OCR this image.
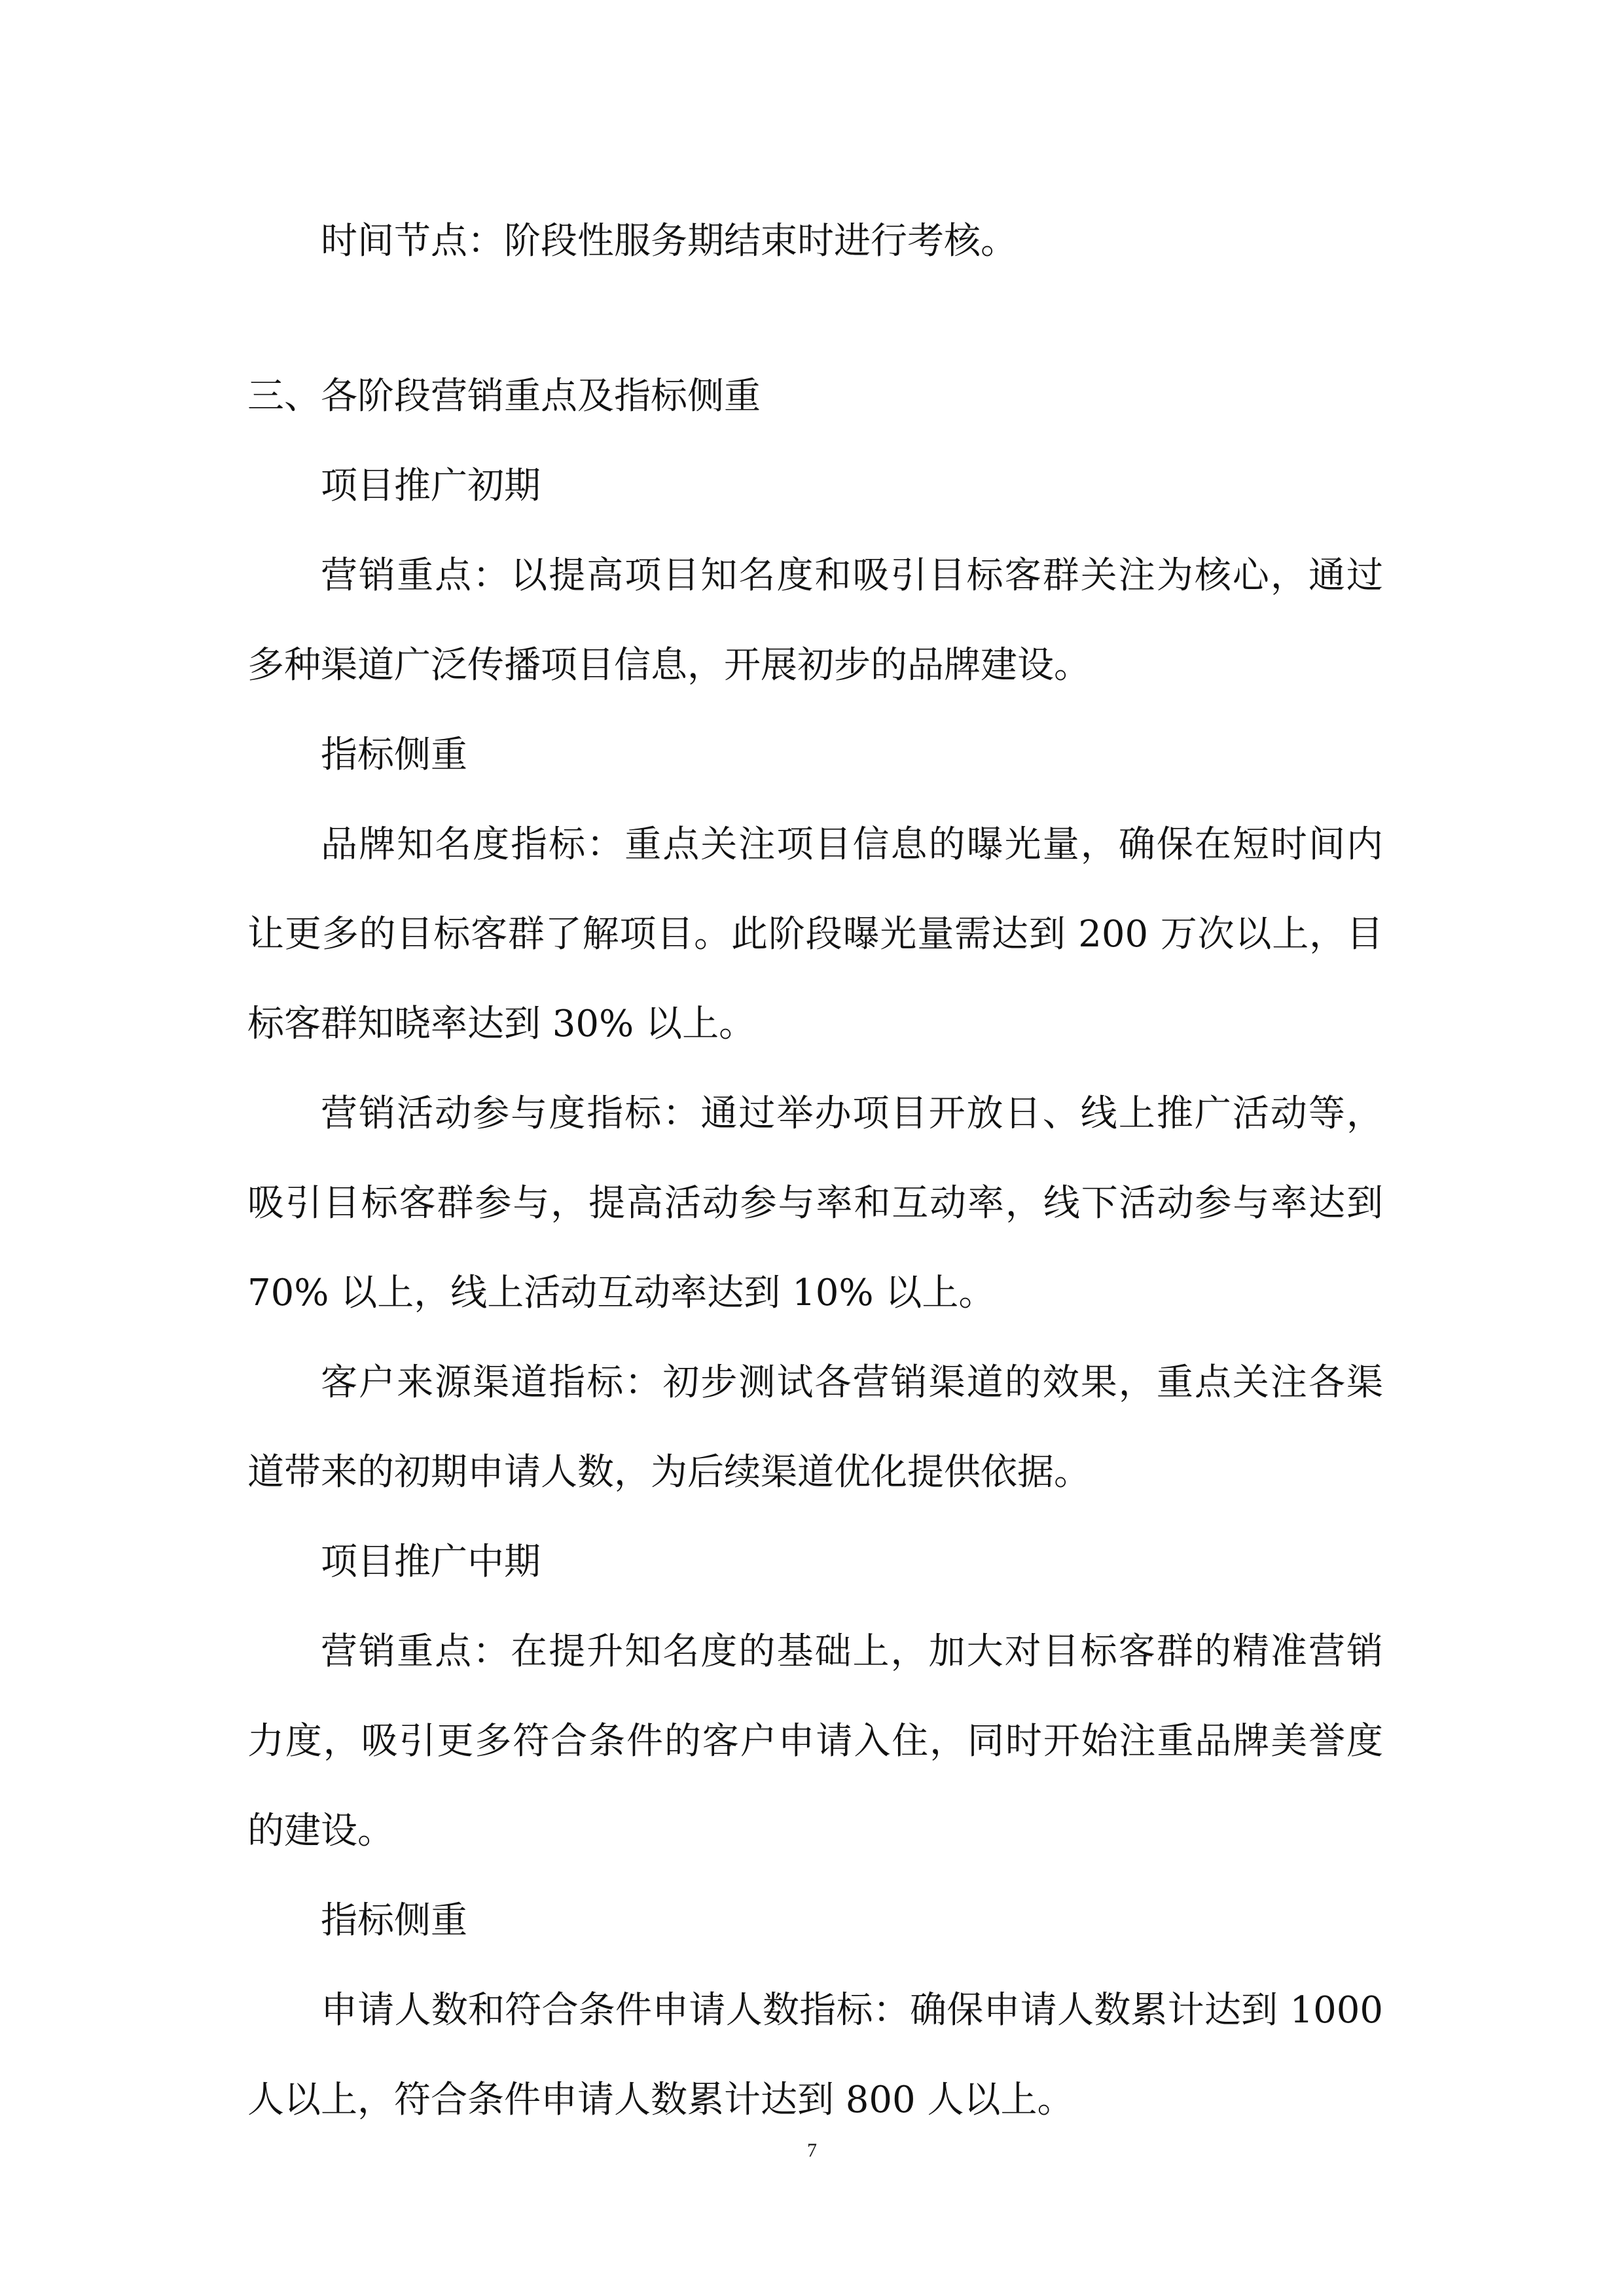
时间节点：阶段性服务期结束时进行考核。

三、各阶段营销重点及指标侧重

项目推广初期

营销重点：以提高项目知名度和吸引目标客群关注为核心，通过多种渠道广泛传播项目信息，开展初步的品牌建设。

指标侧重

品牌知名度指标：重点关注项目信息的曝光量，确保在短时间内让更多的目标客群了解项目。此阶段曝光量需达到 200 万次以上，目标客群知晓率达到 30% 以上。

营销活动参与度指标：通过举办项目开放日、线上推广活动等，吸引目标客群参与，提高活动参与率和互动率，线下活动参与率达到 70% 以上，线上活动互动率达到 10% 以上。

客户来源渠道指标：初步测试各营销渠道的效果，重点关注各渠道带来的初期申请人数，为后续渠道优化提供依据。

项目推广中期

营销重点：在提升知名度的基础上，加大对目标客群的精准营销力度，吸引更多符合条件的客户申请入住，同时开始注重品牌美誉度的建设。

指标侧重

申请人数和符合条件申请人数指标：确保申请人数累计达到 1000 人以上，符合条件申请人数累计达到 800 人以上。

7
